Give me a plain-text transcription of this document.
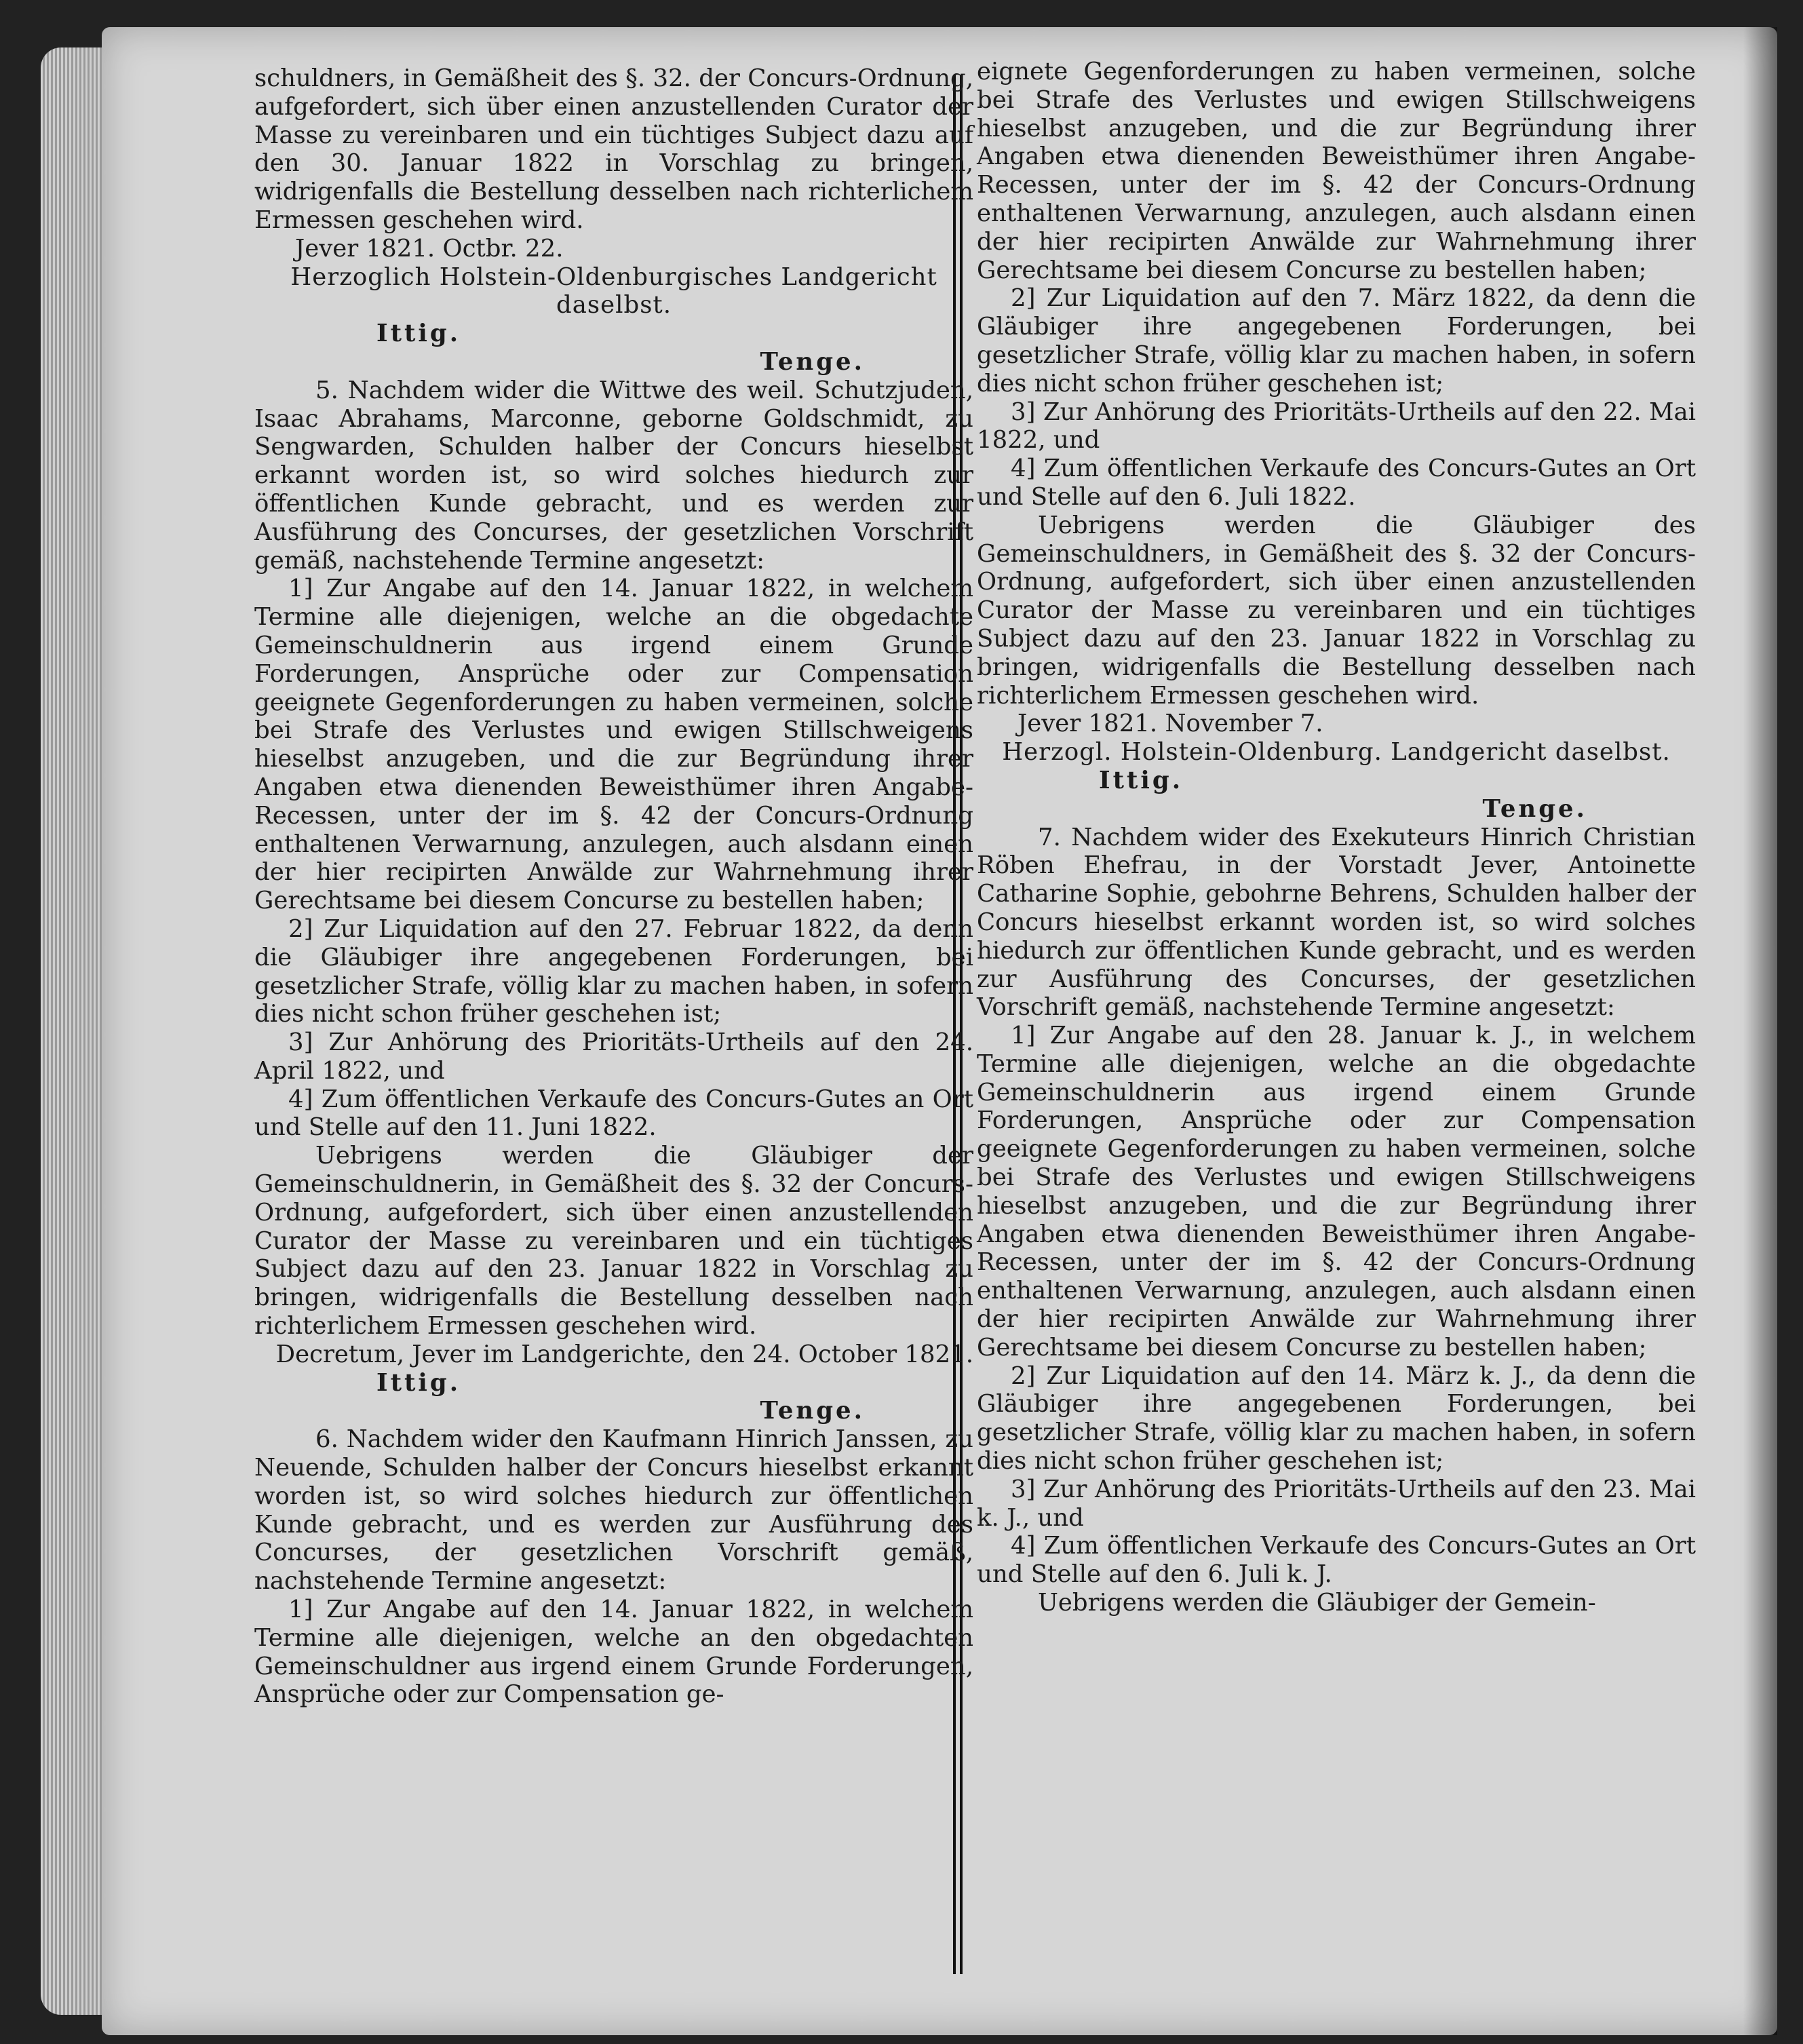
schuldners, in Gemäßheit des §. 32. der Concurs-Ordnung, aufgefordert, sich über einen anzustellenden Curator der Masse zu vereinbaren und ein tüchtiges Subject dazu auf den 30. Januar 1822 in Vorschlag zu bringen, widrigenfalls die Bestellung desselben nach richterlichem Ermessen geschehen wird.

Jever 1821. Octbr. 22.
Herzoglich Holstein-Oldenburgisches Landgericht daselbst.
Ittig.
Tenge.

5. Nachdem wider die Wittwe des weil. Schutzjuden, Isaac Abrahams, Marconne, geborne Goldschmidt, zu Sengwarden, Schulden halber der Concurs hieselbst erkannt worden ist, so wird solches hiedurch zur öffentlichen Kunde gebracht, und es werden zur Ausführung des Concurses, der gesetzlichen Vorschrift gemäß, nachstehende Termine angesetzt:

1] Zur Angabe auf den 14. Januar 1822, in welchem Termine alle diejenigen, welche an die obgedachte Gemeinschuldnerin aus irgend einem Grunde Forderungen, Ansprüche oder zur Compensation geeignete Gegenforderungen zu haben vermeinen, solche bei Strafe des Verlustes und ewigen Stillschweigens hieselbst anzugeben, und die zur Begründung ihrer Angaben etwa dienenden Beweisthümer ihren Angabe-Recessen, unter der im §. 42 der Concurs-Ordnung enthaltenen Verwarnung, anzulegen, auch alsdann einen der hier recipirten Anwälde zur Wahrnehmung ihrer Gerechtsame bei diesem Concurse zu bestellen haben;

2] Zur Liquidation auf den 27. Februar 1822, da denn die Gläubiger ihre angegebenen Forderungen, bei gesetzlicher Strafe, völlig klar zu machen haben, in sofern dies nicht schon früher geschehen ist;

3] Zur Anhörung des Prioritäts-Urtheils auf den 24. April 1822, und

4] Zum öffentlichen Verkaufe des Concurs-Gutes an Ort und Stelle auf den 11. Juni 1822.

Uebrigens werden die Gläubiger der Gemeinschuldnerin, in Gemäßheit des §. 32 der Concurs-Ordnung, aufgefordert, sich über einen anzustellenden Curator der Masse zu vereinbaren und ein tüchtiges Subject dazu auf den 23. Januar 1822 in Vorschlag zu bringen, widrigenfalls die Bestellung desselben nach richterlichem Ermessen geschehen wird.

Decretum, Jever im Landgerichte, den 24. October 1821.
Ittig.
Tenge.

6. Nachdem wider den Kaufmann Hinrich Janssen, zu Neuende, Schulden halber der Concurs hieselbst erkannt worden ist, so wird solches hiedurch zur öffentlichen Kunde gebracht, und es werden zur Ausführung des Concurses, der gesetzlichen Vorschrift gemäß, nachstehende Termine angesetzt:

1] Zur Angabe auf den 14. Januar 1822, in welchem Termine alle diejenigen, welche an den obgedachten Gemeinschuldner aus irgend einem Grunde Forderungen, Ansprüche oder zur Compensation ge-

eignete Gegenforderungen zu haben vermeinen, solche bei Strafe des Verlustes und ewigen Stillschweigens hieselbst anzugeben, und die zur Begründung ihrer Angaben etwa dienenden Beweisthümer ihren Angabe-Recessen, unter der im §. 42 der Concurs-Ordnung enthaltenen Verwarnung, anzulegen, auch alsdann einen der hier recipirten Anwälde zur Wahrnehmung ihrer Gerechtsame bei diesem Concurse zu bestellen haben;

2] Zur Liquidation auf den 7. März 1822, da denn die Gläubiger ihre angegebenen Forderungen, bei gesetzlicher Strafe, völlig klar zu machen haben, in sofern dies nicht schon früher geschehen ist;

3] Zur Anhörung des Prioritäts-Urtheils auf den 22. Mai 1822, und

4] Zum öffentlichen Verkaufe des Concurs-Gutes an Ort und Stelle auf den 6. Juli 1822.

Uebrigens werden die Gläubiger des Gemeinschuldners, in Gemäßheit des §. 32 der Concurs-Ordnung, aufgefordert, sich über einen anzustellenden Curator der Masse zu vereinbaren und ein tüchtiges Subject dazu auf den 23. Januar 1822 in Vorschlag zu bringen, widrigenfalls die Bestellung desselben nach richterlichem Ermessen geschehen wird.

Jever 1821. November 7.
Herzogl. Holstein-Oldenburg. Landgericht daselbst.
Ittig.
Tenge.

7. Nachdem wider des Exekuteurs Hinrich Christian Röben Ehefrau, in der Vorstadt Jever, Antoinette Catharine Sophie, gebohrne Behrens, Schulden halber der Concurs hieselbst erkannt worden ist, so wird solches hiedurch zur öffentlichen Kunde gebracht, und es werden zur Ausführung des Concurses, der gesetzlichen Vorschrift gemäß, nachstehende Termine angesetzt:

1] Zur Angabe auf den 28. Januar k. J., in welchem Termine alle diejenigen, welche an die obgedachte Gemeinschuldnerin aus irgend einem Grunde Forderungen, Ansprüche oder zur Compensation geeignete Gegenforderungen zu haben vermeinen, solche bei Strafe des Verlustes und ewigen Stillschweigens hieselbst anzugeben, und die zur Begründung ihrer Angaben etwa dienenden Beweisthümer ihren Angabe-Recessen, unter der im §. 42 der Concurs-Ordnung enthaltenen Verwarnung, anzulegen, auch alsdann einen der hier recipirten Anwälde zur Wahrnehmung ihrer Gerechtsame bei diesem Concurse zu bestellen haben;

2] Zur Liquidation auf den 14. März k. J., da denn die Gläubiger ihre angegebenen Forderungen, bei gesetzlicher Strafe, völlig klar zu machen haben, in sofern dies nicht schon früher geschehen ist;

3] Zur Anhörung des Prioritäts-Urtheils auf den 23. Mai k. J., und

4] Zum öffentlichen Verkaufe des Concurs-Gutes an Ort und Stelle auf den 6. Juli k. J.

Uebrigens werden die Gläubiger der Gemein-
